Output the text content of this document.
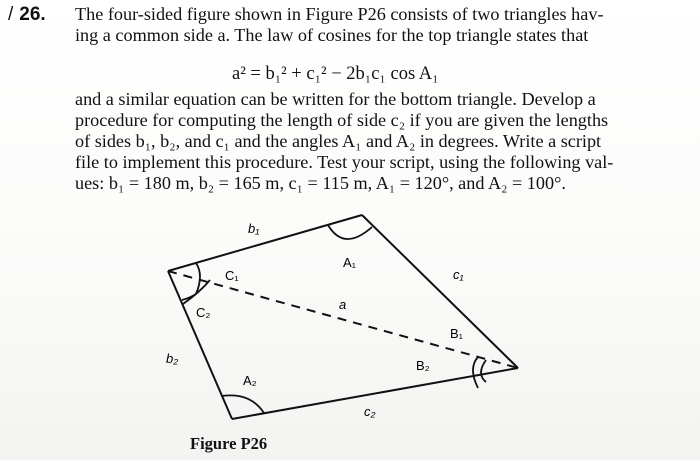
/ 26. The four-sided figure shown in Figure P26 consists of two triangles hav-
ing a common side a. The law of cosines for the top triangle states that
a² = b₁² + c₁² − 2b₁c₁ cos A₁
and a similar equation can be written for the bottom triangle. Develop a
procedure for computing the length of side c₂ if you are given the lengths
of sides b₁, b₂, and c₁ and the angles A₁ and A₂ in degrees. Write a script
file to implement this procedure. Test your script, using the following val-
ues: b₁ = 180 m, b₂ = 165 m, c₁ = 115 m, A₁ = 120°, and A₂ = 100°.
b₁
A₁
c₁
C₁
a
C₂
B₁
b₂	B₂
A₂
c₂
Figure P26
